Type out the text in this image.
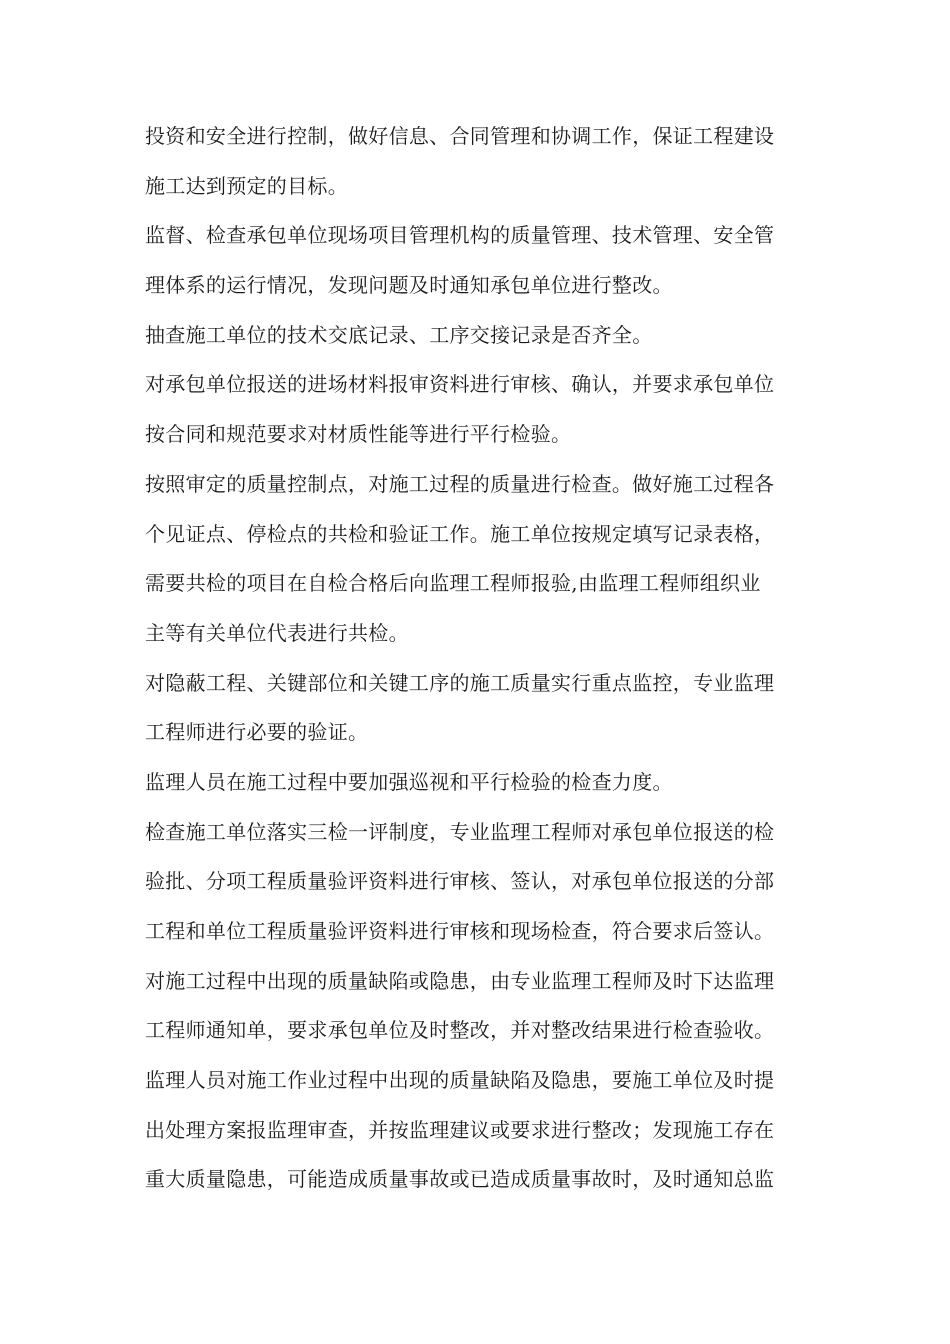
投资和安全进行控制，做好信息、合同管理和协调工作，保证工程建设
施工达到预定的目标。
监督、检查承包单位现场项目管理机构的质量管理、技术管理、安全管
理体系的运行情况，发现问题及时通知承包单位进行整改。
抽查施工单位的技术交底记录、工序交接记录是否齐全。
对承包单位报送的进场材料报审资料进行审核、确认，并要求承包单位
按合同和规范要求对材质性能等进行平行检验。
按照审定的质量控制点，对施工过程的质量进行检查。做好施工过程各
个见证点、停检点的共检和验证工作。施工单位按规定填写记录表格，
需要共检的项目在自检合格后向监理工程师报验,由监理工程师组织业
主等有关单位代表进行共检。
对隐蔽工程、关键部位和关键工序的施工质量实行重点监控，专业监理
工程师进行必要的验证。
监理人员在施工过程中要加强巡视和平行检验的检查力度。
检查施工单位落实三检一评制度，专业监理工程师对承包单位报送的检
验批、分项工程质量验评资料进行审核、签认，对承包单位报送的分部
工程和单位工程质量验评资料进行审核和现场检查，符合要求后签认。
对施工过程中出现的质量缺陷或隐患，由专业监理工程师及时下达监理
工程师通知单，要求承包单位及时整改，并对整改结果进行检查验收。
监理人员对施工作业过程中出现的质量缺陷及隐患，要施工单位及时提
出处理方案报监理审查，并按监理建议或要求进行整改；发现施工存在
重大质量隐患，可能造成质量事故或已造成质量事故时，及时通知总监
